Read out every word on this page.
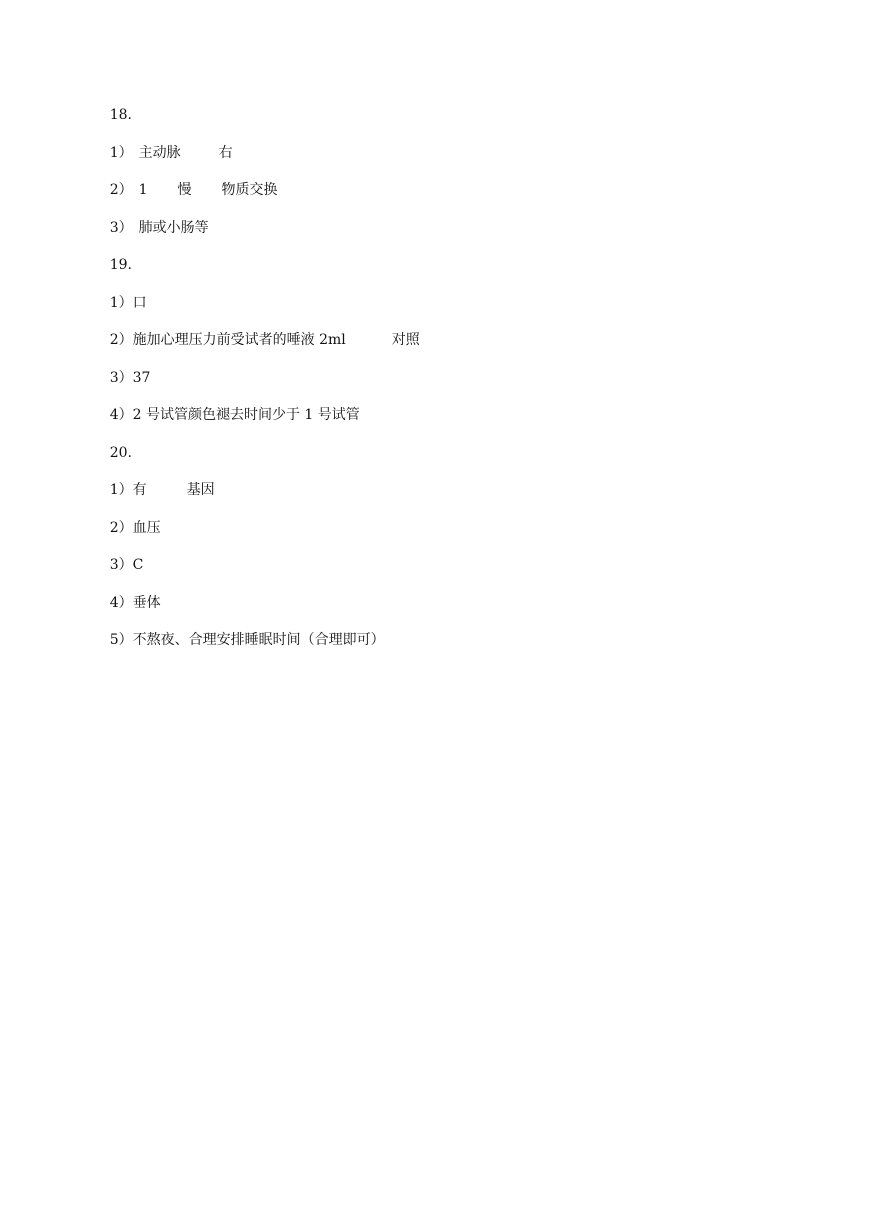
18.

1） 主动脉	右

2） 1 慢 物质交换

3） 肺或小肠等

19.

1）口

2）施加心理压力前受试者的唾液 2ml	对照

3）37

4）2 号试管颜色褪去时间少于 1 号试管

20.

1）有	基因

2）血压

3）C

4）垂体

5）不熬夜、合理安排睡眠时间（合理即可）
